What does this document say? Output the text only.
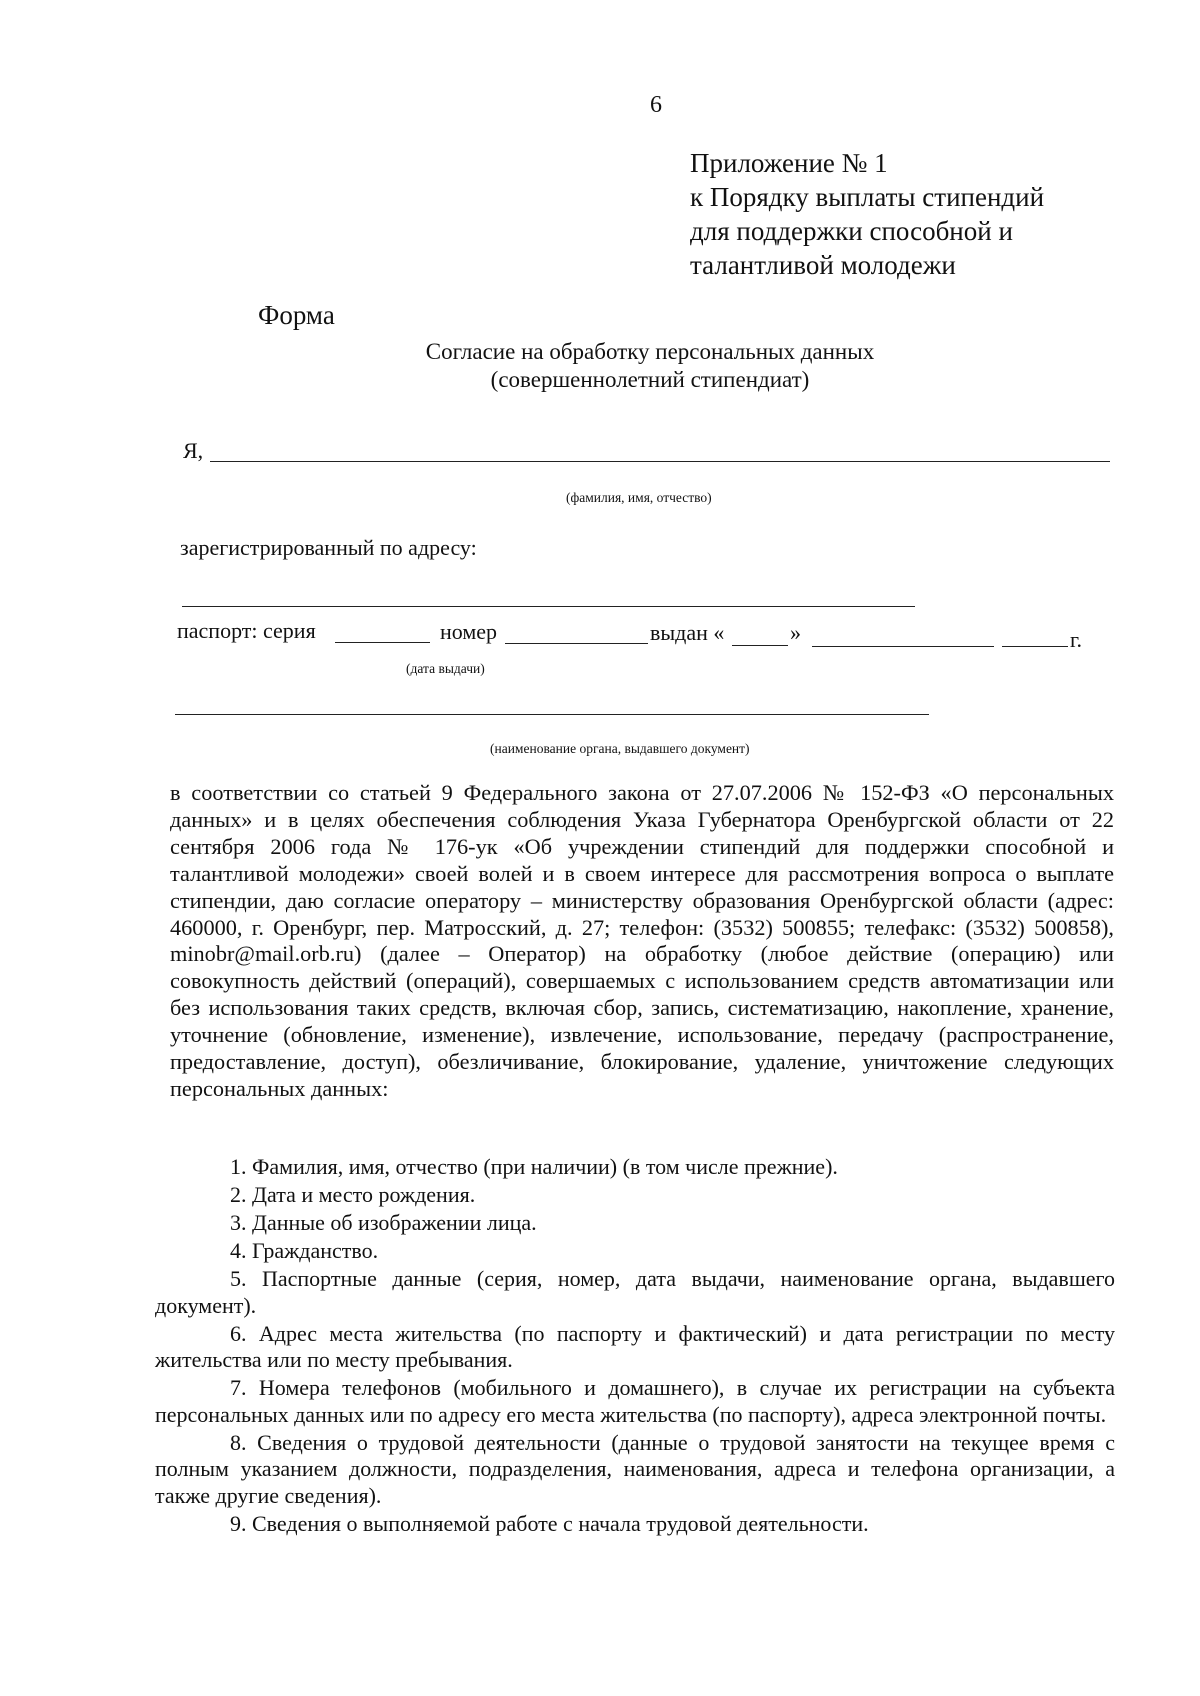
6
Приложение № 1
к Порядку выплаты стипендий
для поддержки способной и
талантливой молодежи
Форма
Согласие на обработку персональных данных
(совершеннолетний стипендиат)
Я,
(фамилия, имя, отчество)
зарегистрированный по адресу:
паспорт: серия	номер	выдан «	»	г.
(дата выдачи)
(наименование органа, выдавшего документ)
в соответствии со статьей 9 Федерального закона от 27.07.2006 № 152-ФЗ «О персональных данных» и в целях обеспечения соблюдения Указа Губернатора Оренбургской области от 22 сентября 2006 года № 176-ук «Об учреждении стипендий для поддержки способной и талантливой молодежи» своей волей и в своем интересе для рассмотрения вопроса о выплате стипендии, даю согласие оператору – министерству образования Оренбургской области (адрес: 460000, г. Оренбург, пер. Матросский, д. 27; телефон: (3532) 500855; телефакс: (3532) 500858), minobr@mail.orb.ru) (далее – Оператор) на обработку (любое действие (операцию) или совокупность действий (операций), совершаемых с использованием средств автоматизации или без использования таких средств, включая сбор, запись, систематизацию, накопление, хранение, уточнение (обновление, изменение), извлечение, использование, передачу (распространение, предоставление, доступ), обезличивание, блокирование, удаление, уничтожение следующих персональных данных:
1. Фамилия, имя, отчество (при наличии) (в том числе прежние).
2. Дата и место рождения.
3. Данные об изображении лица.
4. Гражданство.
5. Паспортные данные (серия, номер, дата выдачи, наименование органа, выдавшего документ).
6. Адрес места жительства (по паспорту и фактический) и дата регистрации по месту жительства или по месту пребывания.
7. Номера телефонов (мобильного и домашнего), в случае их регистрации на субъекта персональных данных или по адресу его места жительства (по паспорту), адреса электронной почты.
8. Сведения о трудовой деятельности (данные о трудовой занятости на текущее время с полным указанием должности, подразделения, наименования, адреса и телефона организации, а также другие сведения).
9. Сведения о выполняемой работе с начала трудовой деятельности.
